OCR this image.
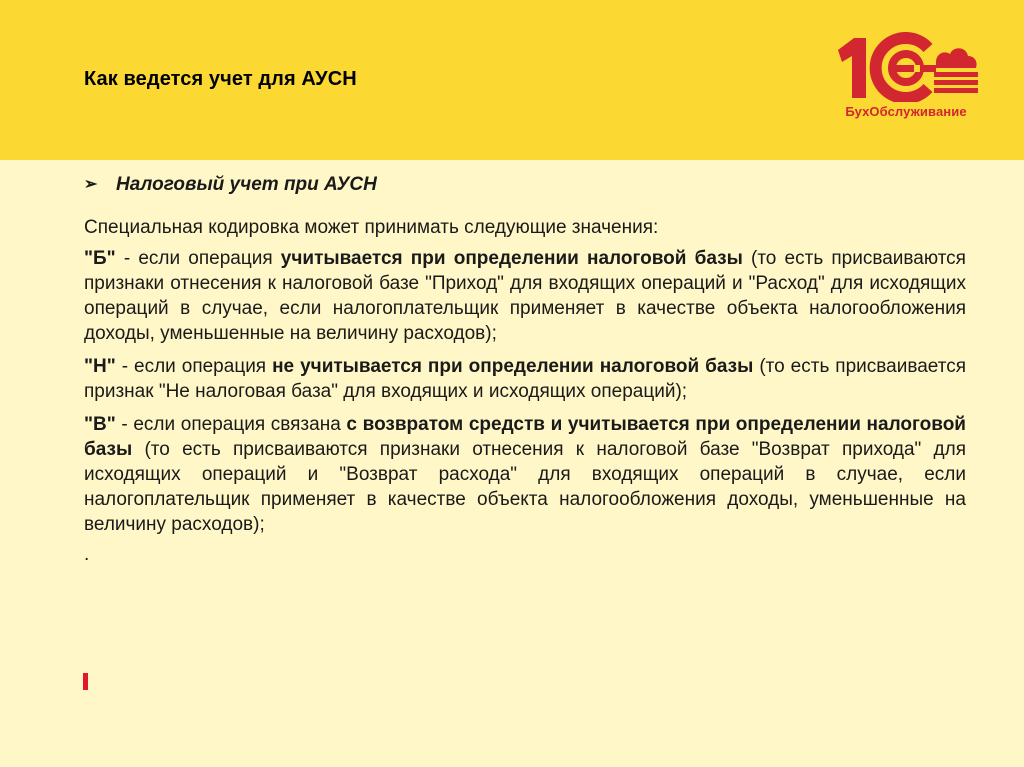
Как ведется учет для АУСН
БухОбслуживание
➢ Налоговый учет при АУСН
Специальная кодировка может принимать следующие значения:
"Б" - если операция учитывается при определении налоговой базы (то есть присваиваются признаки отнесения к налоговой базе "Приход" для входящих операций и "Расход" для исходящих операций в случае, если налогоплательщик применяет в качестве объекта налогообложения доходы, уменьшенные на величину расходов);
"Н" - если операция не учитывается при определении налоговой базы (то есть присваивается признак "Не налоговая база" для входящих и исходящих операций);
"В" - если операция связана с возвратом средств и учитывается при определении налоговой базы (то есть присваиваются признаки отнесения к налоговой базе "Возврат прихода" для исходящих операций и "Возврат расхода" для входящих операций в случае, если налогоплательщик применяет в качестве объекта налогообложения доходы, уменьшенные на величину расходов);
.
